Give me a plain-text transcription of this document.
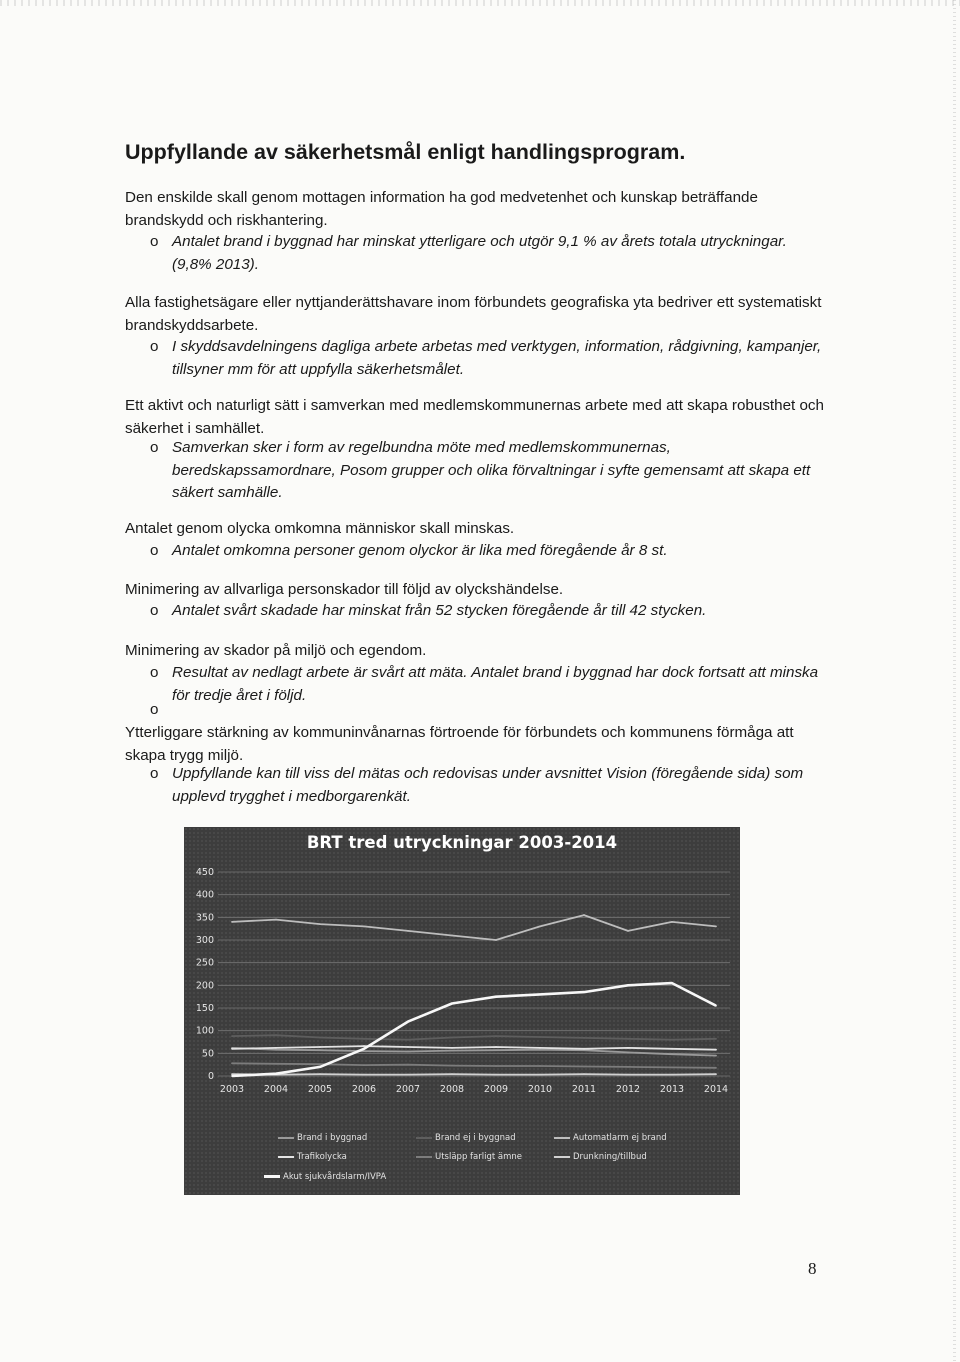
Uppfyllande av säkerhetsmål enligt handlingsprogram.
Den enskilde skall genom mottagen information ha god medvetenhet och kunskap beträffande brandskydd och riskhantering.
o Antalet brand i byggnad har minskat ytterligare och utgör 9,1 % av årets totala utryckningar. (9,8% 2013).
Alla fastighetsägare eller nyttjanderättshavare inom förbundets geografiska yta bedriver ett systematiskt brandskyddsarbete.
o I skyddsavdelningens dagliga arbete arbetas med verktygen, information, rådgivning, kampanjer, tillsyner mm för att uppfylla säkerhetsmålet.
Ett aktivt och naturligt sätt i samverkan med medlemskommunernas arbete med att skapa robusthet och säkerhet i samhället.
o Samverkan sker i form av regelbundna möte med medlemskommunernas, beredskapssamordnare, Posom grupper och olika förvaltningar i syfte gemensamt att skapa ett säkert samhälle.
Antalet genom olycka omkomna människor skall minskas.
o Antalet omkomna personer genom olyckor är lika med föregående år 8 st.
Minimering av allvarliga personskador till följd av olyckshändelse.
o Antalet svårt skadade har minskat från 52 stycken föregående år till 42 stycken.
Minimering av skador på miljö och egendom.
o Resultat av nedlagt arbete är svårt att mäta. Antalet brand i byggnad har dock fortsatt att minska för tredje året i följd.
o
Ytterliggare stärkning av kommuninvånarnas förtroende för förbundets och kommunens förmåga att skapa trygg miljö.
o Uppfyllande kan till viss del mätas och redovisas under avsnittet Vision (föregående sida) som upplevd trygghet i medborgarenkät.
0
50
100
150
200
250
300
350
400
450
2003 2004 2005 2006 2007 2008 2009 2010 2011 2012 2013 2014
BRT tred utryckningar 2003-2014
Brand i byggnad	Brand ej i byggnad	Automatlarm ej brand
Trafikolycka	Utsläpp farligt ämne	Drunkning/tillbud
Akut sjukvårdslarm/IVPA
8
